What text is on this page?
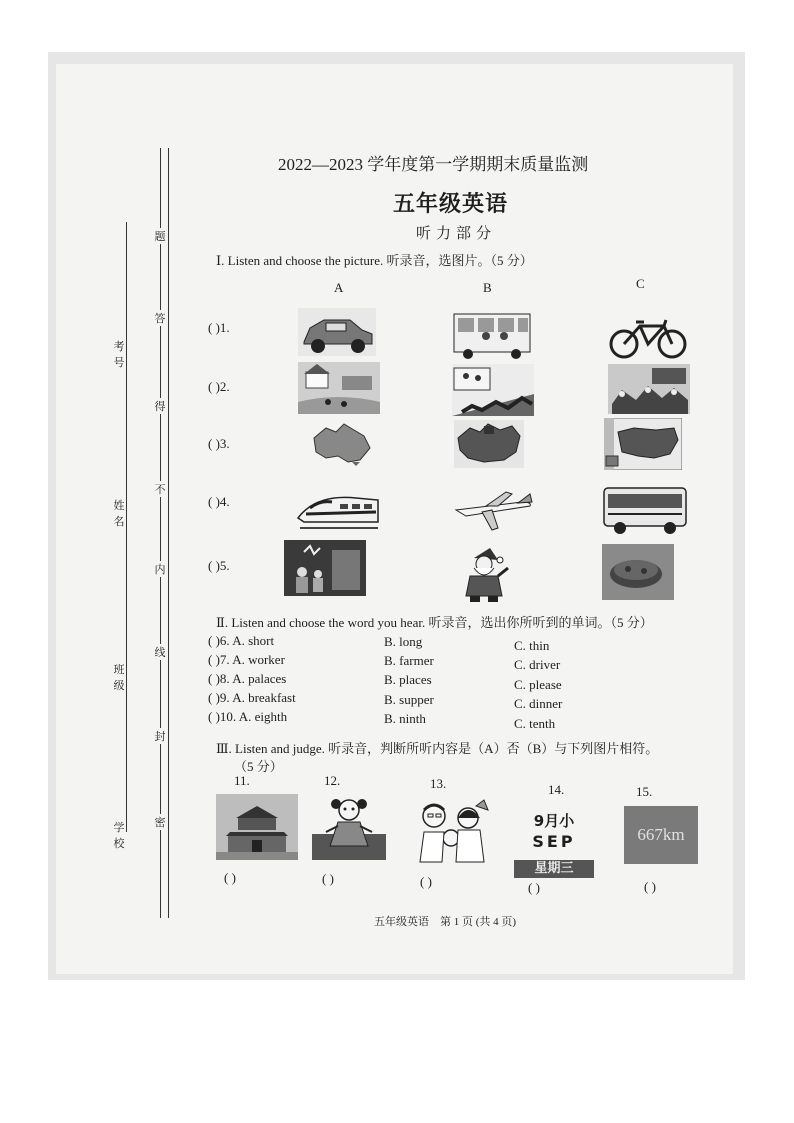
考号
姓名
班级
学校
题
答
得
不
内
线
封
密
2022—2023 学年度第一学期期末质量监测
五年级英语
听力部分
Ⅰ. Listen and choose the picture. 听录音，选图片。（5 分）
A	B	C
( )1.
( )2.
( )3.
( )4.
( )5.
Ⅱ. Listen and choose the word you hear. 听录音，选出你所听到的单词。（5 分）
( )6. A. short	B. long	C. thin
( )7. A. worker	B. farmer	C. driver
( )8. A. palaces	B. places	C. please
( )9. A. breakfast	B. supper	C. dinner
( )10. A. eighth	B. ninth	C. tenth
Ⅲ. Listen and judge. 听录音，判断所听内容是（A）否（B）与下列图片相符。
（5 分）
11.	12.	13.	14.	15.
9月小
SEP
星期三
667km
( )	( )	( )	( )	( )
五年级英语　第 1 页 (共 4 页)
